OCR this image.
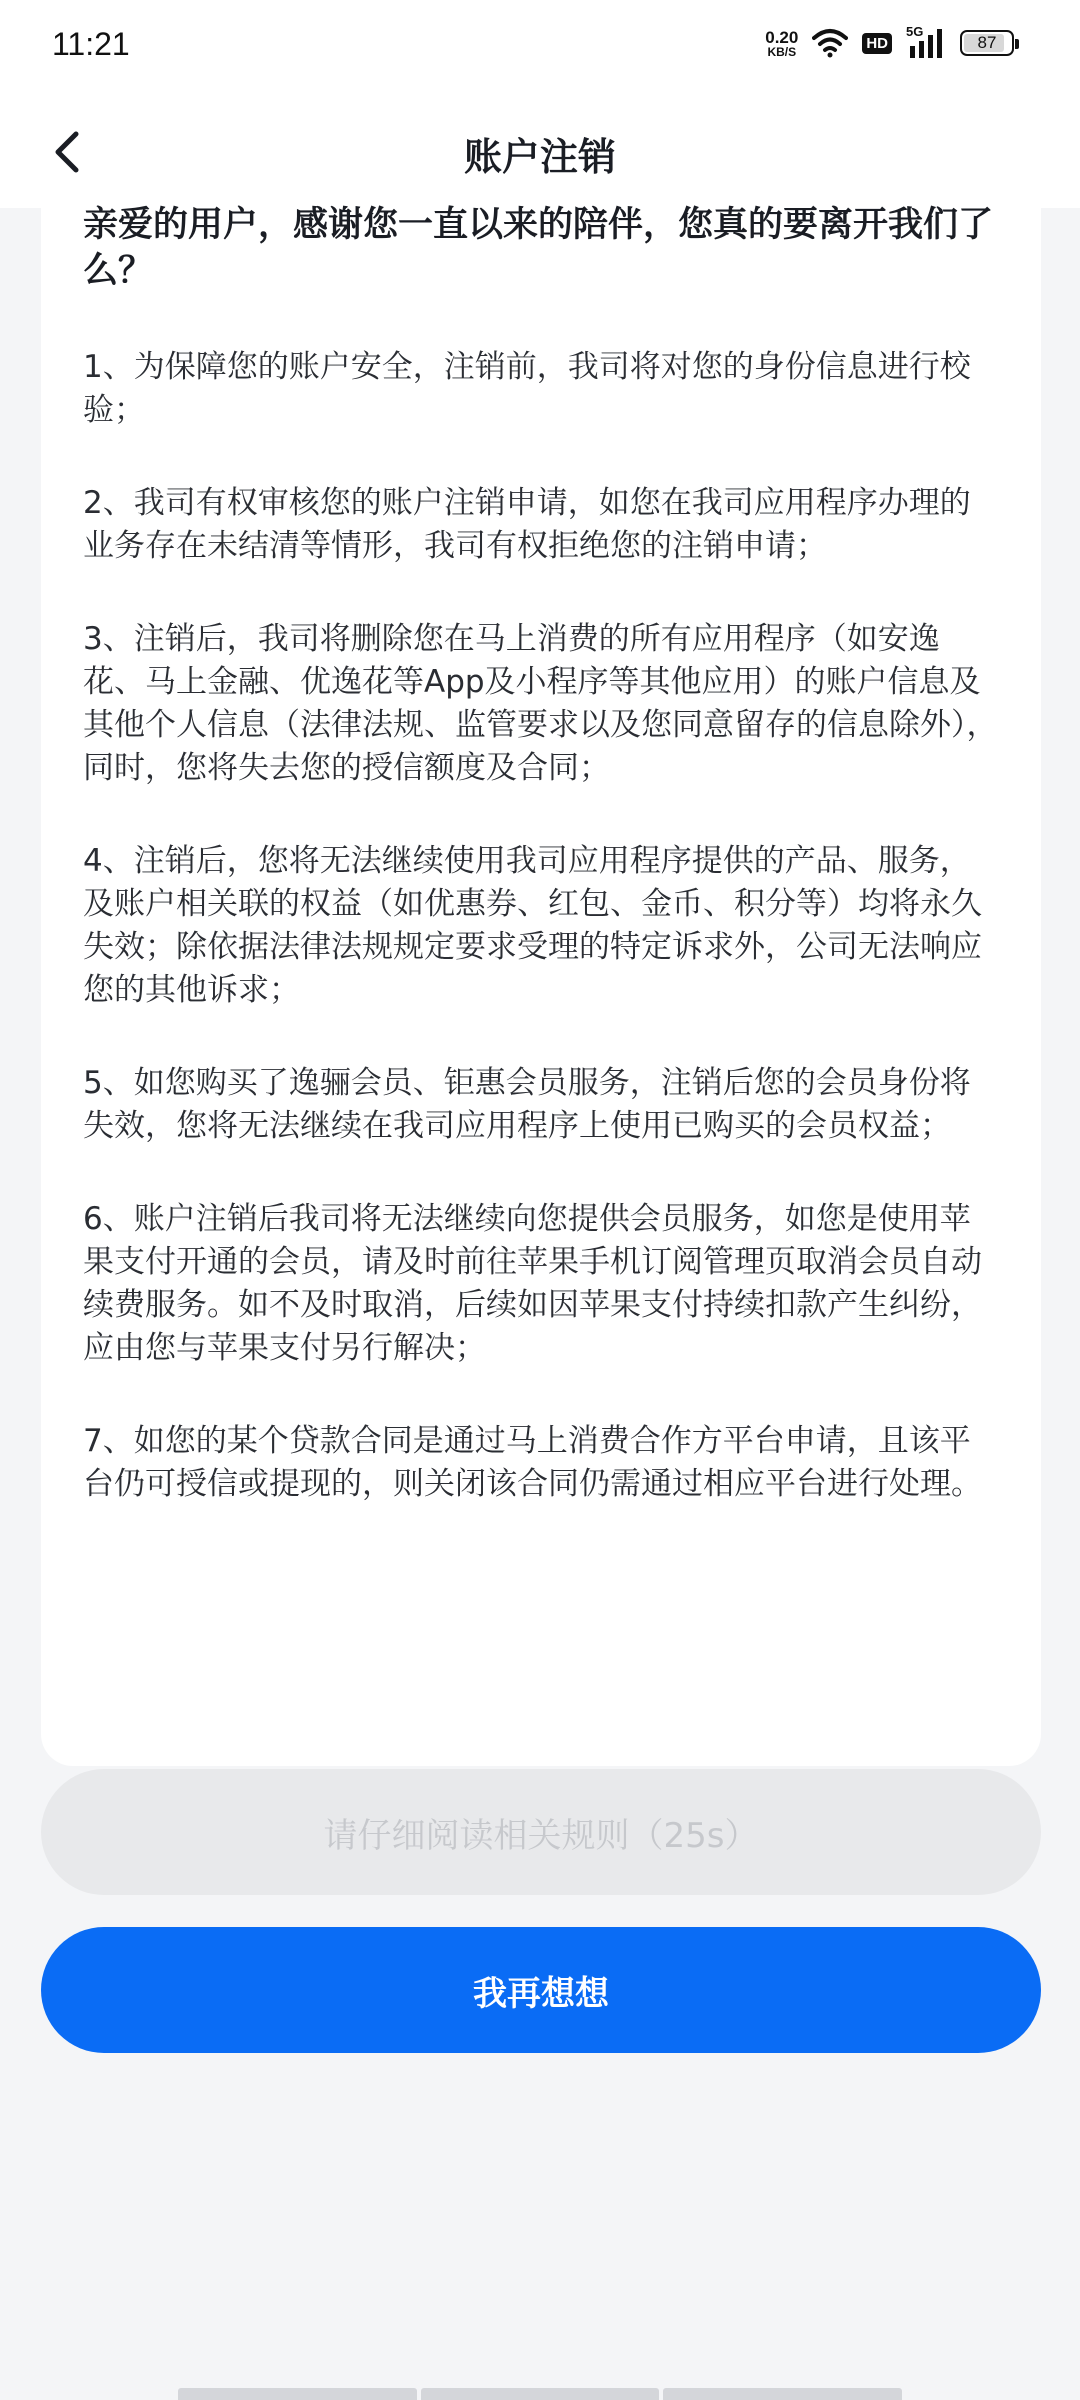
11:21	0.20
KB/S	HD
5G
87
账户注销

亲爱的用户，感谢您一直以来的陪伴，您真的要离开我们了么？

1、为保障您的账户安全，注销前，我司将对您的身份信息进行校验；

2、我司有权审核您的账户注销申请，如您在我司应用程序办理的业务存在未结清等情形，我司有权拒绝您的注销申请；

3、注销后，我司将删除您在马上消费的所有应用程序（如安逸花、马上金融、优逸花等App及小程序等其他应用）的账户信息及其他个人信息（法律法规、监管要求以及您同意留存的信息除外），同时，您将失去您的授信额度及合同；

4、注销后，您将无法继续使用我司应用程序提供的产品、服务，及账户相关联的权益（如优惠券、红包、金币、积分等）均将永久失效；除依据法律法规规定要求受理的特定诉求外，公司无法响应您的其他诉求；

5、如您购买了逸骊会员、钜惠会员服务，注销后您的会员身份将失效，您将无法继续在我司应用程序上使用已购买的会员权益；

6、账户注销后我司将无法继续向您提供会员服务，如您是使用苹果支付开通的会员，请及时前往苹果手机订阅管理页取消会员自动续费服务。如不及时取消，后续如因苹果支付持续扣款产生纠纷，应由您与苹果支付另行解决；

7、如您的某个贷款合同是通过马上消费合作方平台申请，且该平台仍可授信或提现的，则关闭该合同仍需通过相应平台进行处理。

请仔细阅读相关规则（25s）
我再想想
